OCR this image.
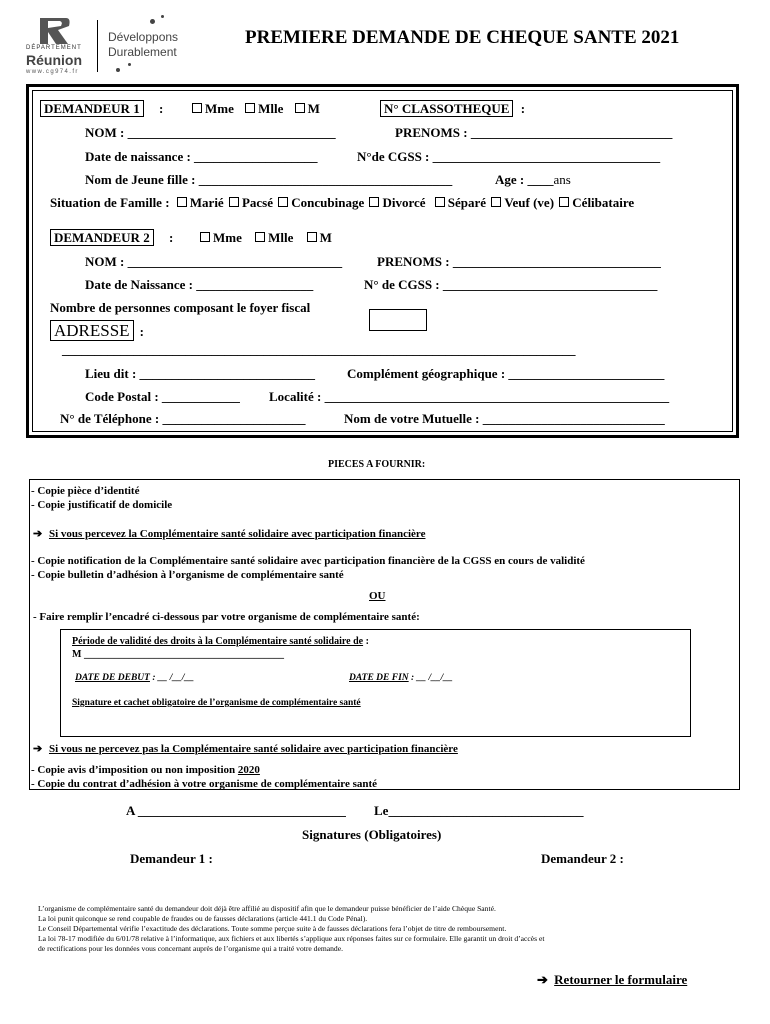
DÉPARTEMENT
Réunion
www.cg974.fr
Développons
Durablement
PREMIERE DEMANDE DE CHEQUE SANTE 2021
DEMANDEUR 1 :	Mme Mlle M	N° CLASSOTHEQUE :
NOM : ________________________________	PRENOMS : _______________________________
Date de naissance : ___________________	N°de CGSS : ___________________________________
Nom de Jeune fille : _______________________________________	Age : ____ans
Situation de Famille : Marié Pacsé Concubinage Divorcé Séparé Veuf (ve) Célibataire
DEMANDEUR 2 :	Mme Mlle M
NOM : _________________________________	PRENOMS : ________________________________
Date de Naissance : __________________	N° de CGSS : _________________________________
Nombre de personnes composant le foyer fiscal
ADRESSE :
_______________________________________________________________________________
Lieu dit : ___________________________ Complément géographique : ________________________
Code Postal : ____________ Localité : _____________________________________________________
N° de Téléphone : ______________________	Nom de votre Mutuelle : ____________________________
PIECES A FOURNIR:
- Copie pièce d’identité
- Copie justificatif de domicile
➔ Si vous percevez la Complémentaire santé solidaire avec participation financière
- Copie notification de la Complémentaire santé solidaire avec participation financière de la CGSS en cours de validité
- Copie bulletin d’adhésion à l’organisme de complémentaire santé
OU
- Faire remplir l’encadré ci-dessous par votre organisme de complémentaire santé:
Période de validité des droits à la Complémentaire santé solidaire de :
M ________________________________________
DATE DE DEBUT : __ /__/__	DATE DE FIN : __ /__/__
Signature et cachet obligatoire de l’organisme de complémentaire santé
➔ Si vous ne percevez pas la Complémentaire santé solidaire avec participation financière
- Copie avis d’imposition ou non imposition 2020
- Copie du contrat d’adhésion à votre organisme de complémentaire santé
A ________________________________ Le______________________________
Signatures (Obligatoires)
Demandeur 1 :	Demandeur 2 :
L’organisme de complémentaire santé du demandeur doit déjà être affilié au dispositif afin que le demandeur puisse bénéficier de l’aide Chèque Santé.
La loi punit quiconque se rend coupable de fraudes ou de fausses déclarations (article 441.1 du Code Pénal).
Le Conseil Départemental vérifie l’exactitude des déclarations. Toute somme perçue suite à de fausses déclarations fera l’objet de titre de remboursement.
La loi 78-17 modifiée du 6/01/78 relative à l’informatique, aux fichiers et aux libertés s’applique aux réponses faites sur ce formulaire. Elle garantit un droit d’accès et
de rectifications pour les données vous concernant auprès de l’organisme qui a traité votre demande.
➔ Retourner le formulaire
